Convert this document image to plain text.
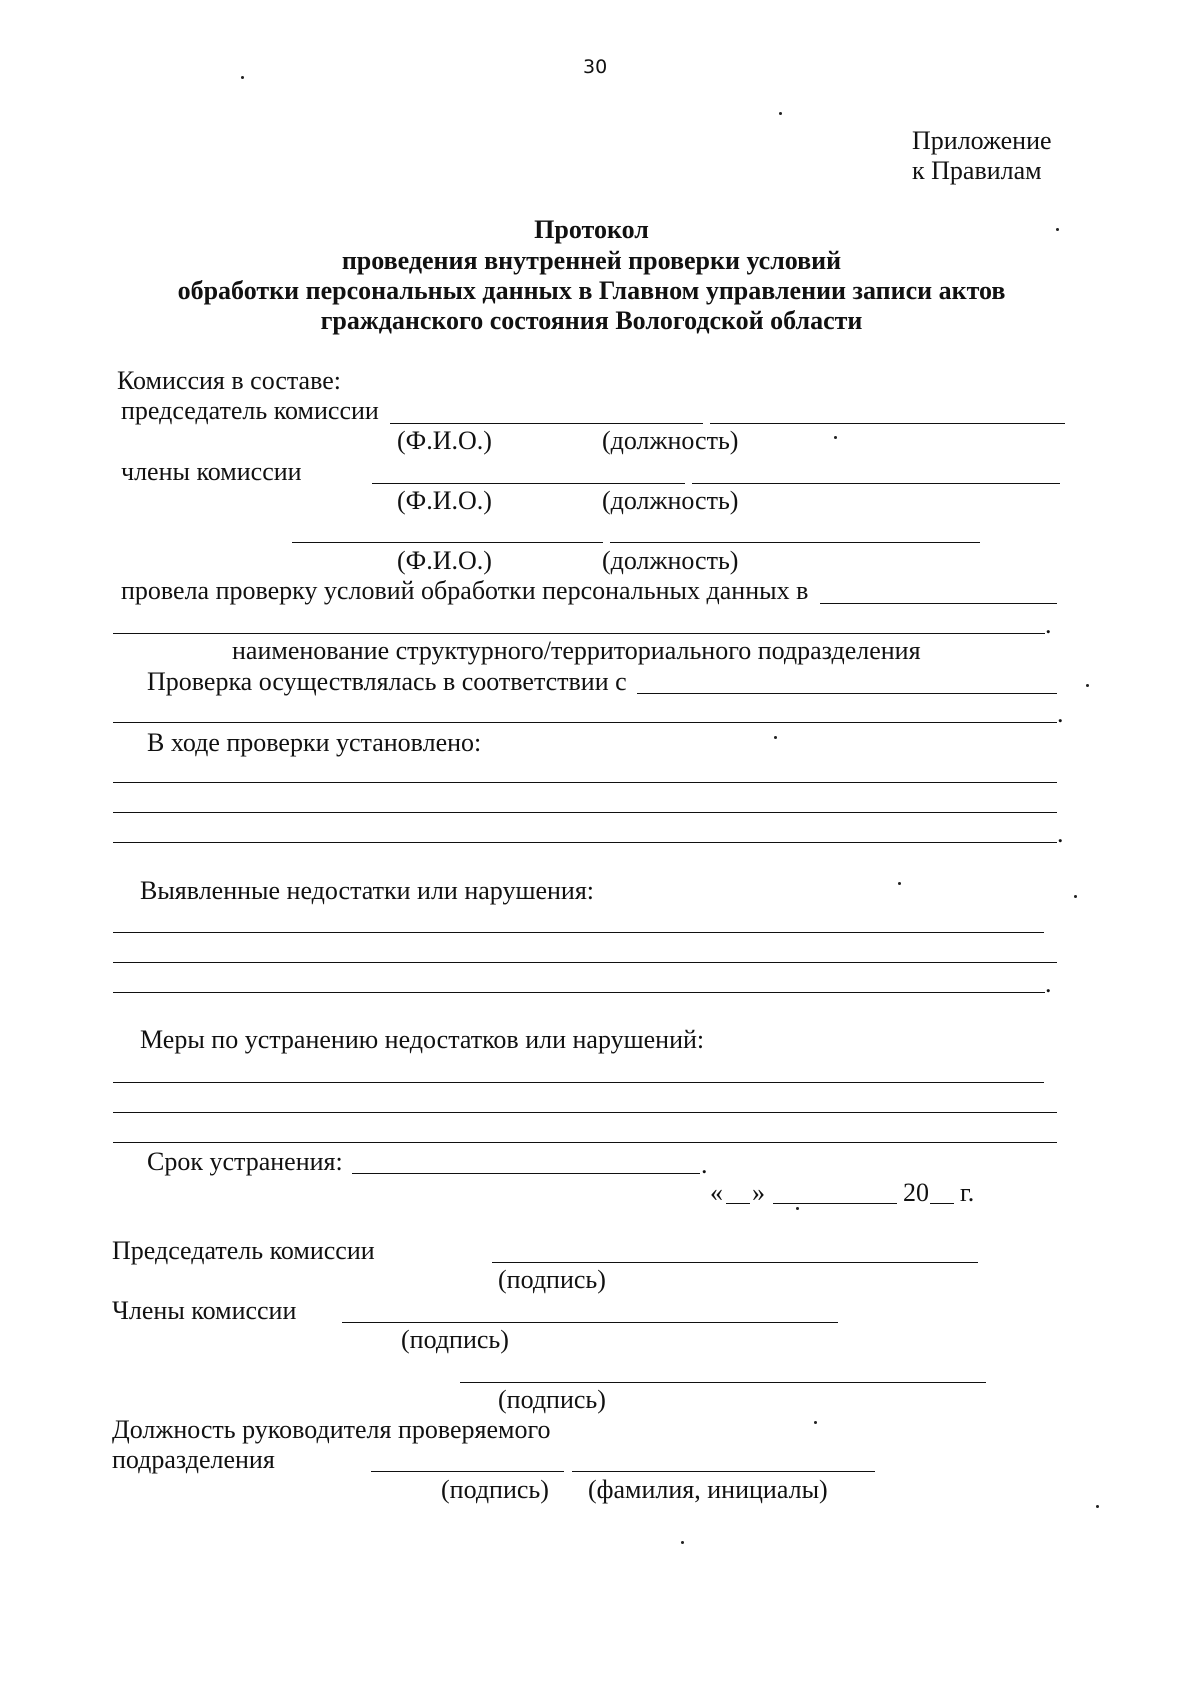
30
Приложение
к Правилам
Протокол
проведения внутренней проверки условий
обработки персональных данных в Главном управлении записи актов
гражданского состояния Вологодской области
Комиссия в составе:
председатель комиссии
(Ф.И.О.)	(должность)
члены комиссии
(Ф.И.О.)	(должность)
(Ф.И.О.)	(должность)
провела проверку условий обработки персональных данных в
.
наименование структурного/территориального подразделения
Проверка осуществлялась в соответствии с
.
В ходе проверки установлено:
.
Выявленные недостатки или нарушения:
.
Меры по устранению недостатков или нарушений:
Срок устранения:	.
« »	20 г.
Председатель комиссии
(подпись)
Члены комиссии
(подпись)
(подпись)
Должность руководителя проверяемого
подразделения
(подпись) (фамилия, инициалы)
